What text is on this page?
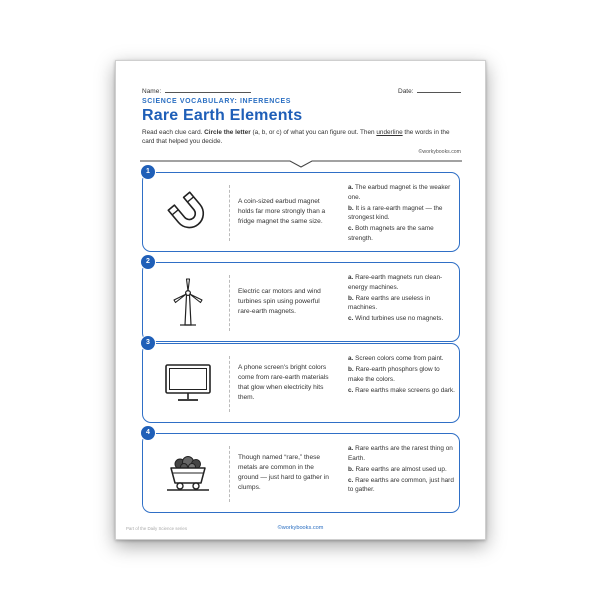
Name:	Date:
SCIENCE VOCABULARY: INFERENCES
Rare Earth Elements
Read each clue card. Circle the letter (a, b, or c) of what you can figure out. Then underline the words in the card that helped you decide.
©workybooks.com
1
A coin-sized earbud magnet holds far more strongly than a fridge magnet the same size.
a. The earbud magnet is the weaker one.
b. It is a rare-earth magnet — the strongest kind.
c. Both magnets are the same strength.
2
Electric car motors and wind turbines spin using powerful rare-earth magnets.
a. Rare-earth magnets run clean-energy machines.
b. Rare earths are useless in machines.
c. Wind turbines use no magnets.
3
A phone screen's bright colors come from rare-earth materials that glow when electricity hits them.
a. Screen colors come from paint.
b. Rare-earth phosphors glow to make the colors.
c. Rare earths make screens go dark.
4
Though named “rare,” these metals are common in the ground — just hard to gather in clumps.
a. Rare earths are the rarest thing on Earth.
b. Rare earths are almost used up.
c. Rare earths are common, just hard to gather.
Part of the Daily Science series	©workybooks.com
